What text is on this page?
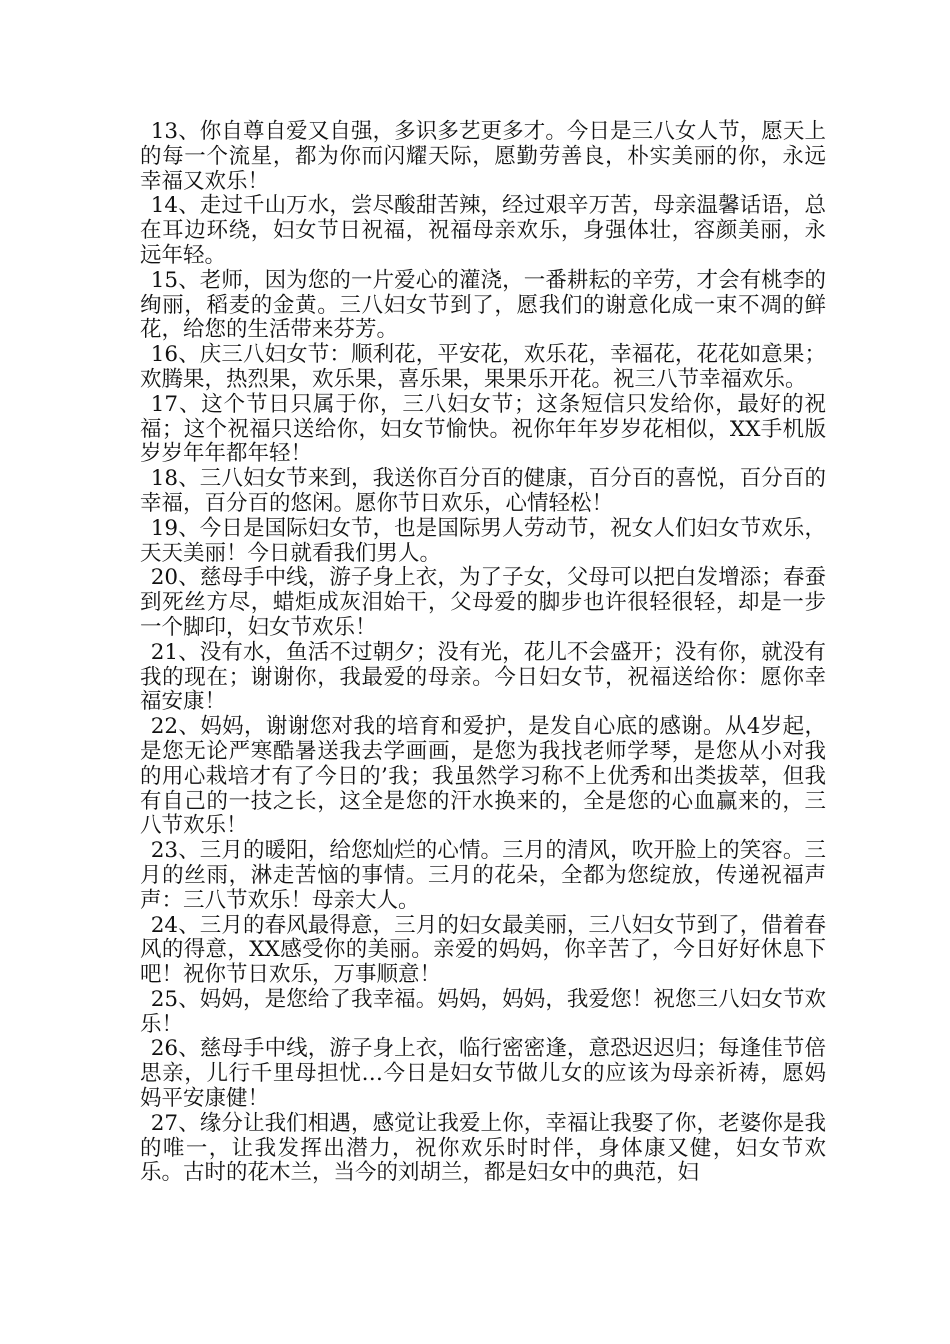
13、你自尊自爱又自强，多识多艺更多才。今日是三八女人节，愿天上的每一个流星，都为你而闪耀天际，愿勤劳善良，朴实美丽的你，永远幸福又欢乐！

14、走过千山万水，尝尽酸甜苦辣，经过艰辛万苦，母亲温馨话语，总在耳边环绕，妇女节日祝福，祝福母亲欢乐，身强体壮，容颜美丽，永远年轻。

15、老师，因为您的一片爱心的灌浇，一番耕耘的辛劳，才会有桃李的绚丽，稻麦的金黄。三八妇女节到了，愿我们的谢意化成一束不凋的鲜花，给您的生活带来芬芳。

16、庆三八妇女节：顺利花，平安花，欢乐花，幸福花，花花如意果；欢腾果，热烈果，欢乐果，喜乐果，果果乐开花。祝三八节幸福欢乐。

17、这个节日只属于你，三八妇女节；这条短信只发给你，最好的祝福；这个祝福只送给你，妇女节愉快。祝你年年岁岁花相似，XX手机版岁岁年年都年轻！

18、三八妇女节来到，我送你百分百的健康，百分百的喜悦，百分百的幸福，百分百的悠闲。愿你节日欢乐，心情轻松！

19、今日是国际妇女节，也是国际男人劳动节，祝女人们妇女节欢乐，天天美丽！今日就看我们男人。

20、慈母手中线，游子身上衣，为了子女，父母可以把白发增添；春蚕到死丝方尽，蜡炬成灰泪始干，父母爱的脚步也许很轻很轻，却是一步一个脚印，妇女节欢乐！

21、没有水，鱼活不过朝夕；没有光，花儿不会盛开；没有你，就没有我的现在；谢谢你，我最爱的母亲。今日妇女节，祝福送给你：愿你幸福安康！

22、妈妈，谢谢您对我的培育和爱护，是发自心底的感谢。从4岁起，是您无论严寒酷暑送我去学画画，是您为我找老师学琴，是您从小对我的用心栽培才有了今日的’我；我虽然学习称不上优秀和出类拔萃，但我有自己的一技之长，这全是您的汗水换来的，全是您的心血赢来的，三八节欢乐！

23、三月的暖阳，给您灿烂的心情。三月的清风，吹开脸上的笑容。三月的丝雨，淋走苦恼的事情。三月的花朵，全都为您绽放，传递祝福声声：三八节欢乐！母亲大人。

24、三月的春风最得意，三月的妇女最美丽，三八妇女节到了，借着春风的得意，XX感受你的美丽。亲爱的妈妈，你辛苦了，今日好好休息下吧！祝你节日欢乐，万事顺意！

25、妈妈，是您给了我幸福。妈妈，妈妈，我爱您！祝您三八妇女节欢乐！

26、慈母手中线，游子身上衣，临行密密逢，意恐迟迟归；每逢佳节倍思亲，儿行千里母担忧…今日是妇女节做儿女的应该为母亲祈祷，愿妈妈平安康健！

27、缘分让我们相遇，感觉让我爱上你，幸福让我娶了你，老婆你是我的唯一，让我发挥出潜力，祝你欢乐时时伴，身体康又健，妇女节欢乐。古时的花木兰，当今的刘胡兰，都是妇女中的典范，妇
